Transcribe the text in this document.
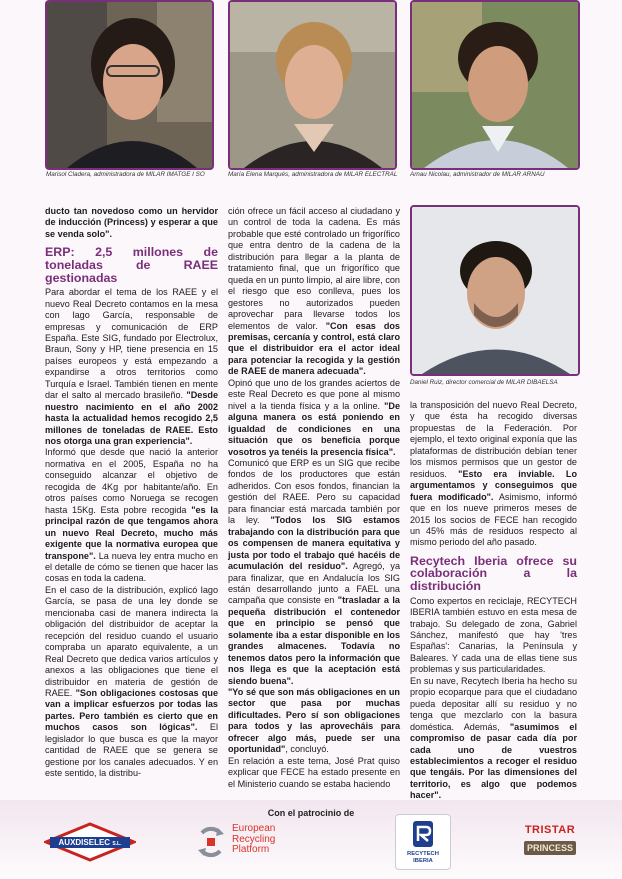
Marisol Cladera, administradora de MILAR IMATGE I SO	María Elena Marqués, administradora de MILAR ELECTRAL Arnau Nicolau, administrador de MILAR ARNAU
Daniel Ruiz, director comercial de MILAR DIBAELSA

ducto tan novedoso como un hervidor de inducción (Princess) y esperar a que se venda solo".

ERP: 2,5 millones de toneladas de RAEE gestionadas

Para abordar el tema de los RAEE y el nuevo Real Decreto contamos en la mesa con lago García, responsable de empresas y comunicación de ERP España. Este SIG, fundado por Electrolux, Braun, Sony y HP, tiene presencia en 15 países europeos y está empezando a expandirse a otros territorios como Turquía e Israel. También tienen en mente dar el salto al mercado brasileño. "Desde nuestro nacimiento en el año 2002 hasta la actualidad hemos recogido 2,5 millones de toneladas de RAEE. Esto nos otorga una gran experiencia".

Informó que desde que nació la anterior normativa en el 2005, España no ha conseguido alcanzar el objetivo de recogida de 4Kg por habitante/año. En otros países como Noruega se recogen hasta 15Kg. Esta pobre recogida "es la principal razón de que tengamos ahora un nuevo Real Decreto, mucho más exigente que la normativa europea que transpone". La nueva ley entra mucho en el detalle de cómo se tienen que hacer las cosas en toda la cadena.

En el caso de la distribución, explicó lago García, se pasa de una ley donde se mencionaba casi de manera indirecta la obligación del distribuidor de aceptar la recepción del residuo cuando el usuario compraba un aparato equivalente, a un Real Decreto que dedica varios artículos y anexos a las obligaciones que tiene el distribuidor en materia de gestión de RAEE. "Son obligaciones costosas que van a implicar esfuerzos por todas las partes. Pero también es cierto que en muchos casos son lógicas". El legislador lo que busca es que la mayor cantidad de RAEE que se genera se gestione por los canales adecuados. Y en este sentido, la distribu-

ción ofrece un fácil acceso al ciudadano y un control de toda la cadena. Es más probable que esté controlado un frigorífico que entra dentro de la cadena de la distribución para llegar a la planta de tratamiento final, que un frigorífico que queda en un punto limpio, al aire libre, con el riesgo que eso conlleva, pues los gestores no autorizados pueden aprovechar para llevarse todos los elementos de valor. "Con esas dos premisas, cercanía y control, está claro que el distribuidor era el actor ideal para potenciar la recogida y la gestión de RAEE de manera adecuada".

Opinó que uno de los grandes aciertos de este Real Decreto es que pone al mismo nivel a la tienda física y a la online. "De alguna manera os está poniendo en igualdad de condiciones en una situación que os beneficia porque vosotros ya tenéis la presencia física".

Comunicó que ERP es un SIG que recibe fondos de los productores que están adheridos. Con esos fondos, financian la gestión del RAEE. Pero su capacidad para financiar está marcada también por la ley. "Todos los SIG estamos trabajando con la distribución para que os compensen de manera equitativa y justa por todo el trabajo qué hacéis de acumulación del residuo". Agregó, ya para finalizar, que en Andalucía los SIG están desarrollando junto a FAEL una campaña que consiste en "trasladar a la pequeña distribución el contenedor que en principio se pensó que solamente iba a estar disponible en los grandes almacenes. Todavía no tenemos datos pero la información que nos llega es que la aceptación está siendo buena".

"Yo sé que son más obligaciones en un sector que pasa por muchas dificultades. Pero sí son obligaciones para todos y las aprovecháis para ofrecer algo más, puede ser una oportunidad", concluyó.

En relación a este tema, José Prat quiso explicar que FECE ha estado presente en el Ministerio cuando se estaba haciendo

la transposición del nuevo Real Decreto, y que ésta ha recogido diversas propuestas de la Federación. Por ejemplo, el texto original exponía que las plataformas de distribución debían tener los mismos permisos que un gestor de residuos. "Esto era inviable. Lo argumentamos y conseguimos que fuera modificado". Asimismo, informó que en los nueve primeros meses de 2015 los socios de FECE han recogido un 45% más de residuos respecto al mismo periodo del año pasado.

Recytech Iberia ofrece su colaboración a la distribución

Como expertos en reciclaje, RECYTECH IBERIA también estuvo en esta mesa de trabajo. Su delegado de zona, Gabriel Sánchez, manifestó que hay 'tres Españas': Canarias, la Península y Baleares. Y cada una de ellas tiene sus problemas y sus particularidades.

En su nave, Recytech Iberia ha hecho su propio ecoparque para que el ciudadano pueda depositar allí su residuo y no tenga que mezclarlo con la basura doméstica. Además, "asumimos el compromiso de pasar cada día por cada uno de vuestros establecimientos a recoger el residuo que tengáis. Por las dimensiones del territorio, es algo que podemos hacer".

Con el patrocinio de
AUXDISELEC S.L.
European
Recycling
Platform	RECYTECH
IBERIA
TRISTAR
PRINCESS
